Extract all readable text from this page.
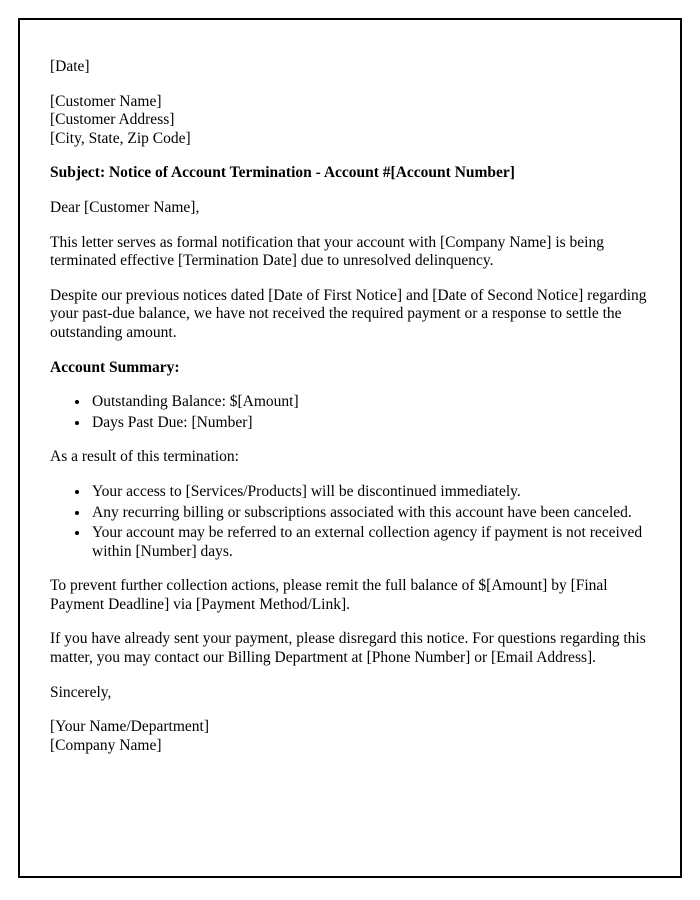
[Date]

[Customer Name]

[Customer Address]

[City, State, Zip Code]

Subject: Notice of Account Termination - Account #[Account Number]

Dear [Customer Name],

This letter serves as formal notification that your account with [Company Name] is being terminated effective [Termination Date] due to unresolved delinquency.

Despite our previous notices dated [Date of First Notice] and [Date of Second Notice] regarding your past-due balance, we have not received the required payment or a response to settle the outstanding amount.

Account Summary:

• Outstanding Balance: $[Amount]
• Days Past Due: [Number]

As a result of this termination:

• Your access to [Services/Products] will be discontinued immediately.
• Any recurring billing or subscriptions associated with this account have been canceled.
• Your account may be referred to an external collection agency if payment is not received within [Number] days.

To prevent further collection actions, please remit the full balance of $[Amount] by [Final Payment Deadline] via [Payment Method/Link].

If you have already sent your payment, please disregard this notice. For questions regarding this matter, you may contact our Billing Department at [Phone Number] or [Email Address].

Sincerely,

[Your Name/Department]

[Company Name]
